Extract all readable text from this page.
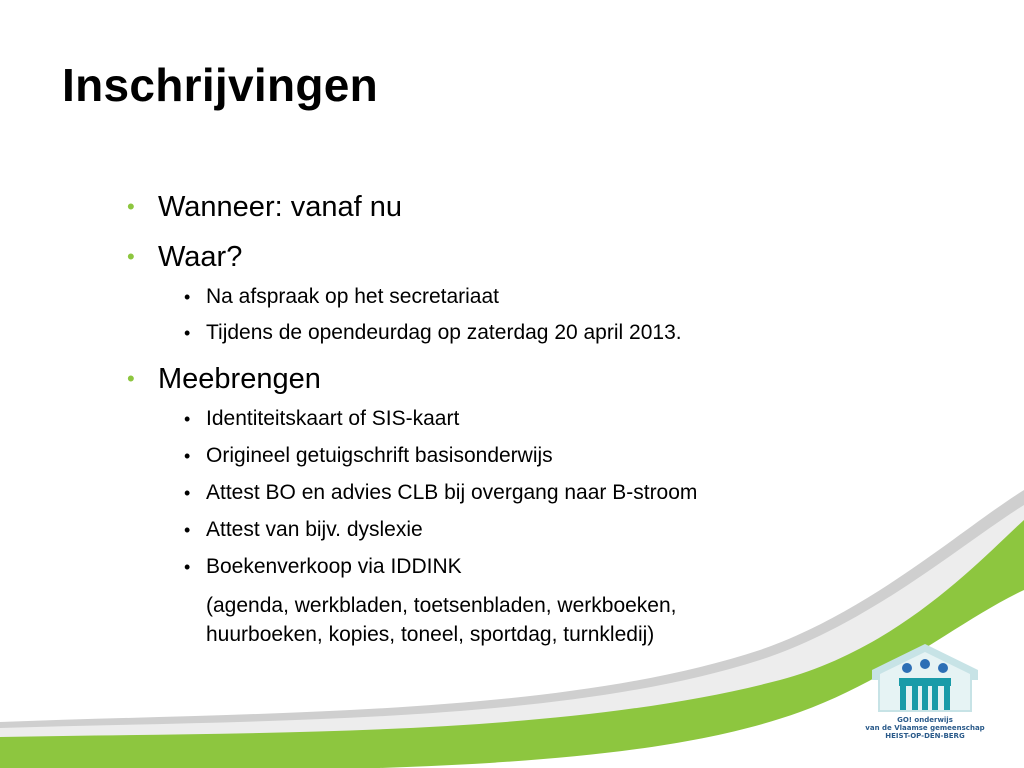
Inschrijvingen
• Wanneer: vanaf nu
• Waar?
• Na afspraak op het secretariaat
• Tijdens de opendeurdag op zaterdag 20 april 2013.
• Meebrengen
• Identiteitskaart of SIS-kaart
• Origineel getuigschrift basisonderwijs
• Attest BO en advies CLB bij overgang naar B-stroom
• Attest van bijv. dyslexie
• Boekenverkoop via IDDINK
(agenda, werkbladen, toetsenbladen, werkboeken,
huurboeken, kopies, toneel, sportdag, turnkledij)
GO! onderwijs
van de Vlaamse gemeenschap
HEIST-OP-DEN-BERG
